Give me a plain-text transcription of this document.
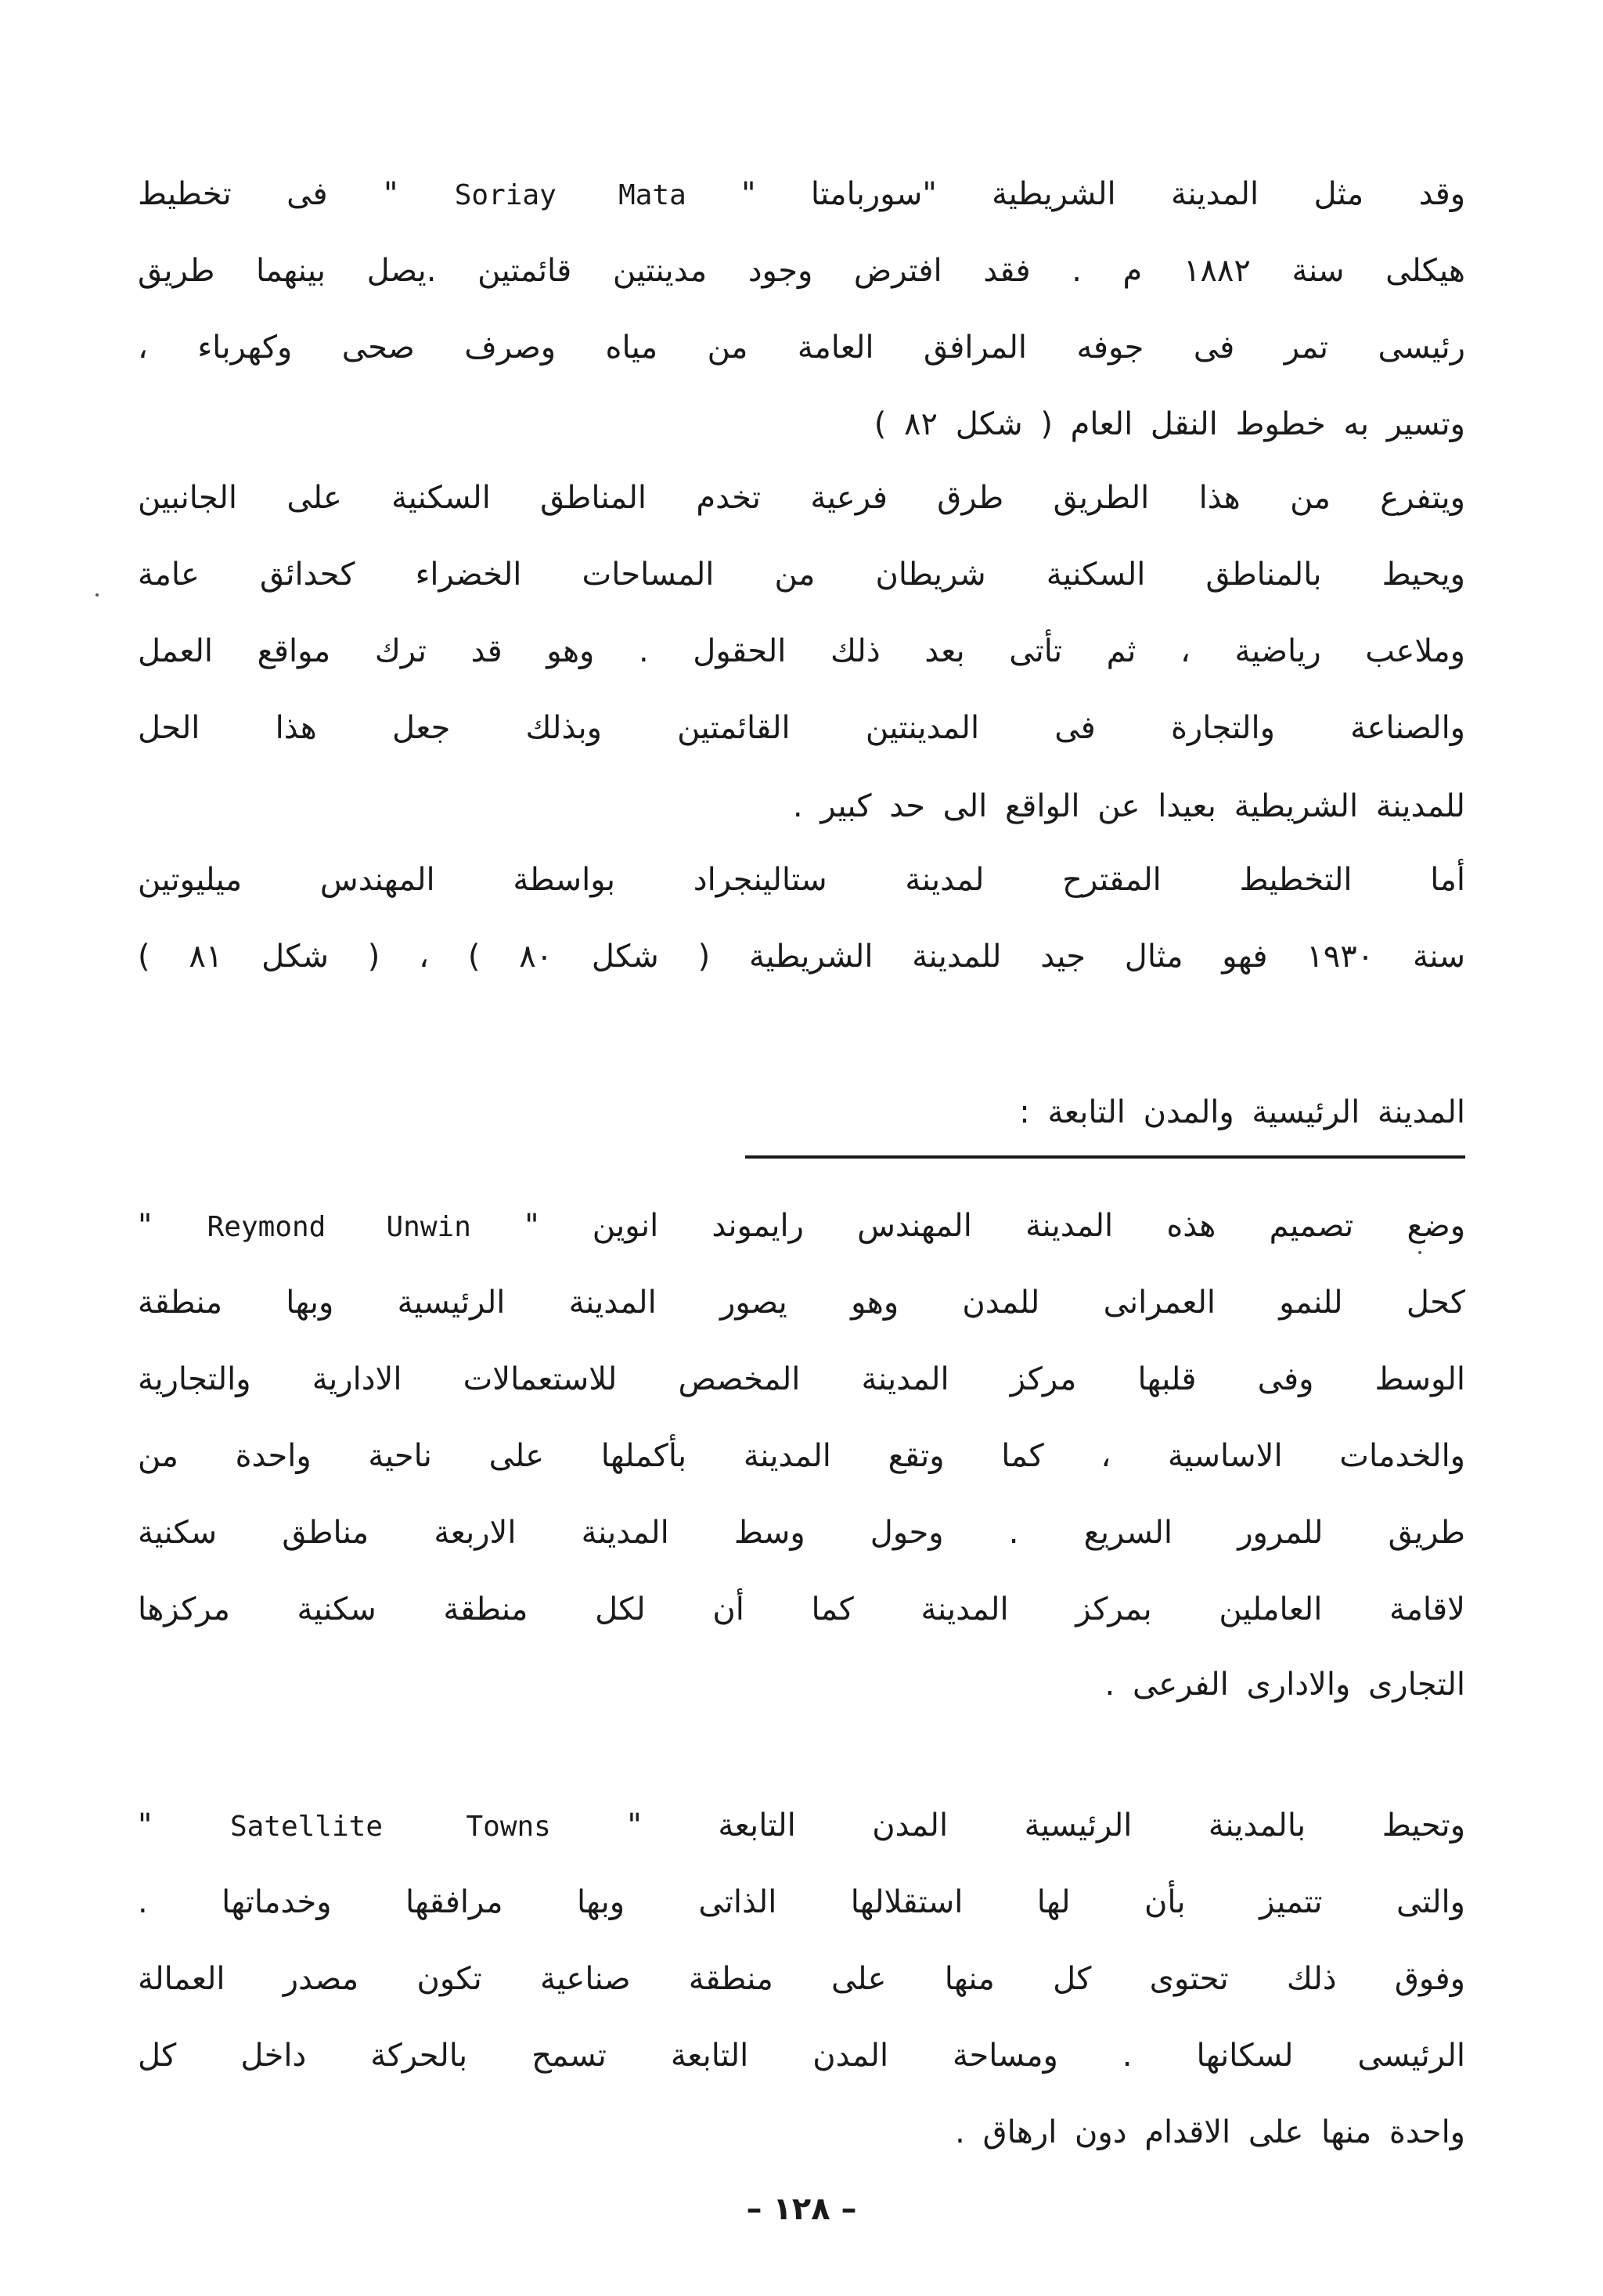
وقد مثل المدينة الشريطية "سوربامتا " Soriay Mata " فى تخطيط
هيكلى سنة ١٨٨٢ م . فقد افترض وجود مدينتين قائمتين .يصل بينهما طريق
رئيسى تمر فى جوفه المرافق العامة من مياه وصرف صحى وكهرباء ،
وتسير به خطوط النقل العام ( شكل ٨٢ )
ويتفرع من هذا الطريق طرق فرعية تخدم المناطق السكنية على الجانبين
ويحيط بالمناطق السكنية شريطان من المساحات الخضراء كحدائق عامة
وملاعب رياضية ، ثم تأتى بعد ذلك الحقول . وهو قد ترك مواقع العمل
والصناعة والتجارة فى المدينتين القائمتين وبذلك جعل هذا الحل
للمدينة الشريطية بعيدا عن الواقع الى حد كبير .
أما التخطيط المقترح لمدينة ستالينجراد بواسطة المهندس ميليوتين
سنة ١٩٣٠ فهو مثال جيد للمدينة الشريطية ( شكل ٨٠ ) ، ( شكل ٨١ )
المدينة الرئيسية والمدن التابعة :
وضع تصميم هذه المدينة المهندس رايموند انوين " Reymond Unwin "
كحل للنمو العمرانى للمدن وهو يصور المدينة الرئيسية وبها منطقة
الوسط وفى قلبها مركز المدينة المخصص للاستعمالات الادارية والتجارية
والخدمات الاساسية ، كما وتقع المدينة بأكملها على ناحية واحدة من
طريق للمرور السريع . وحول وسط المدينة الاربعة مناطق سكنية
لاقامة العاملين بمركز المدينة كما أن لكل منطقة سكنية مركزها
التجارى والادارى الفرعى .
وتحيط بالمدينة الرئيسية المدن التابعة " Satellite Towns "
والتى تتميز بأن لها استقلالها الذاتى وبها مرافقها وخدماتها .
وفوق ذلك تحتوى كل منها على منطقة صناعية تكون مصدر العمالة
الرئيسى لسكانها . ومساحة المدن التابعة تسمح بالحركة داخل كل
واحدة منها على الاقدام دون ارهاق .
– ١٢٨ –
